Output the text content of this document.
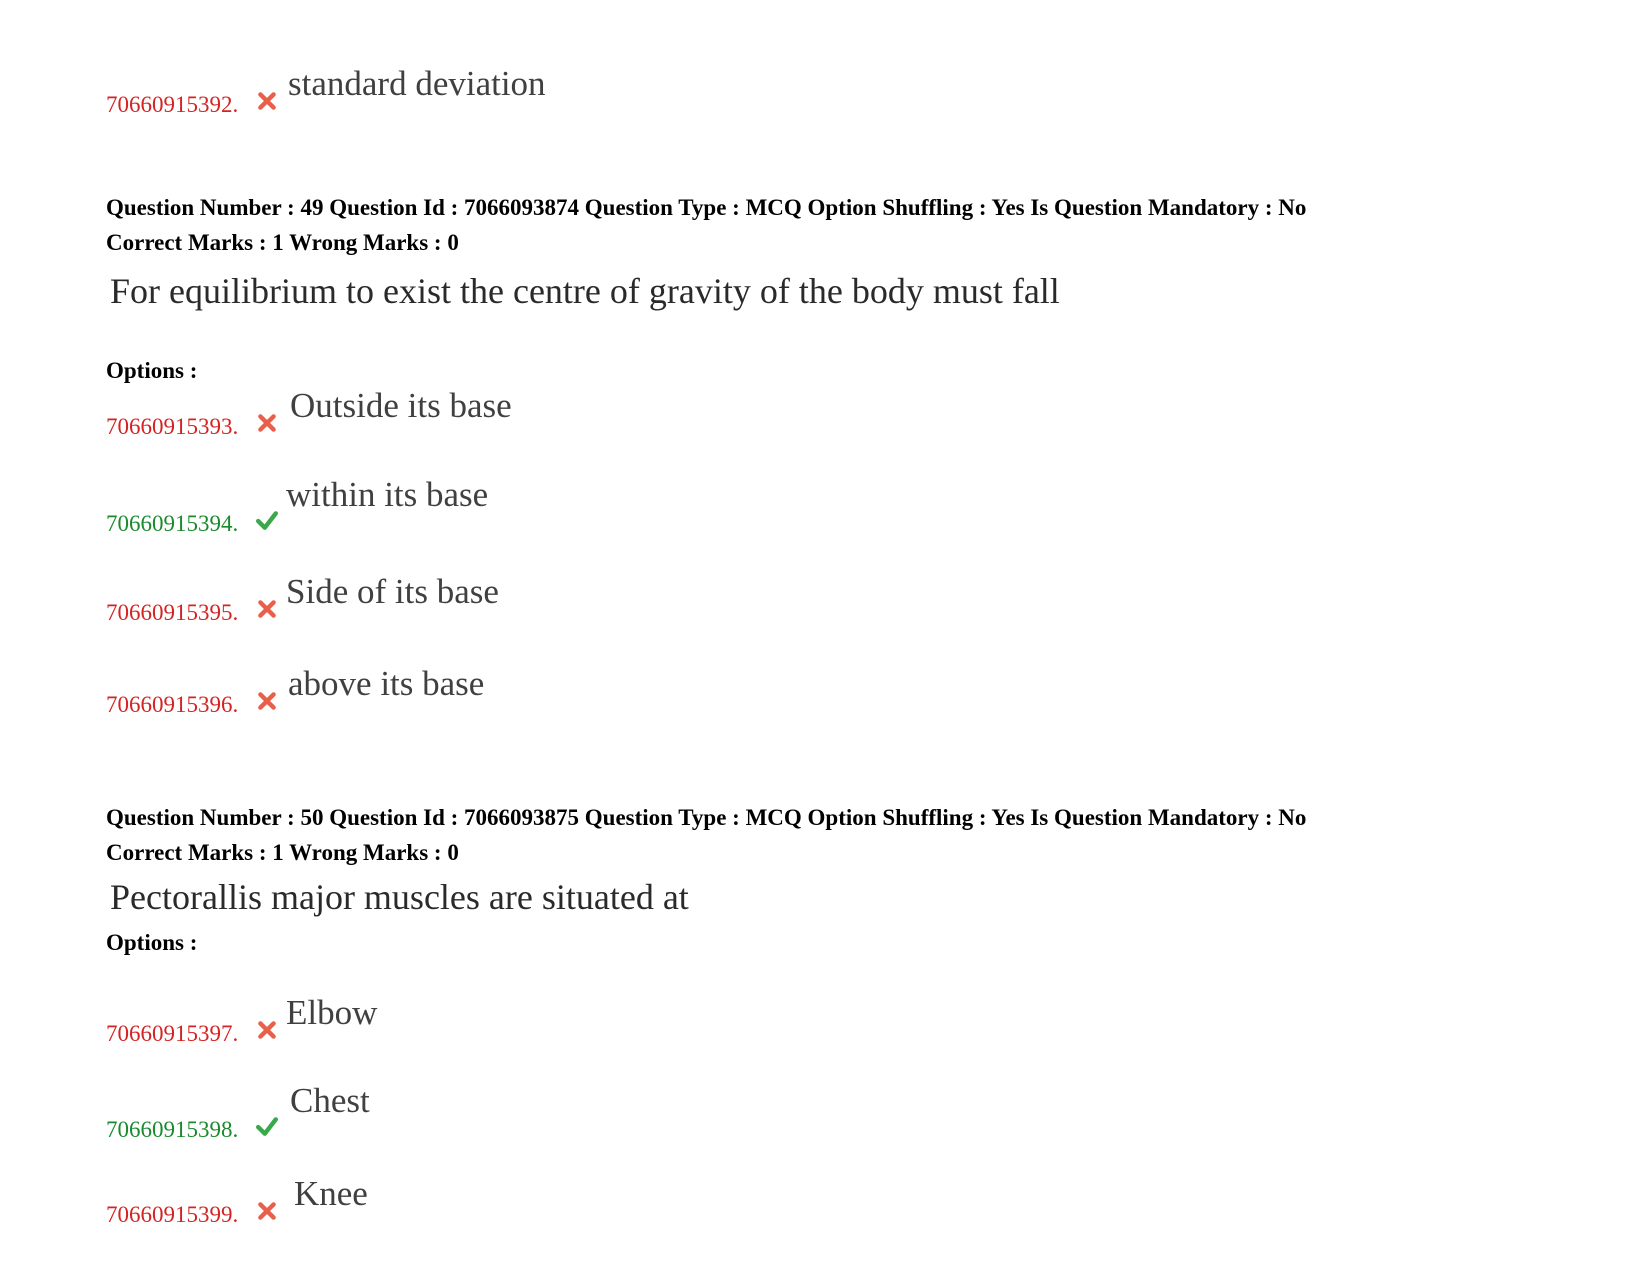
70660915392.
standard deviation
Question Number : 49 Question Id : 7066093874 Question Type : MCQ Option Shuffling : Yes Is Question Mandatory : No
Correct Marks : 1 Wrong Marks : 0
For equilibrium to exist the centre of gravity of the body must fall
Options :
70660915393.
Outside its base
70660915394.
within its base
70660915395.
Side of its base
70660915396.
above its base
Question Number : 50 Question Id : 7066093875 Question Type : MCQ Option Shuffling : Yes Is Question Mandatory : No
Correct Marks : 1 Wrong Marks : 0
Pectorallis major muscles are situated at
Options :
70660915397.
Elbow
70660915398.
Chest
70660915399.
Knee
